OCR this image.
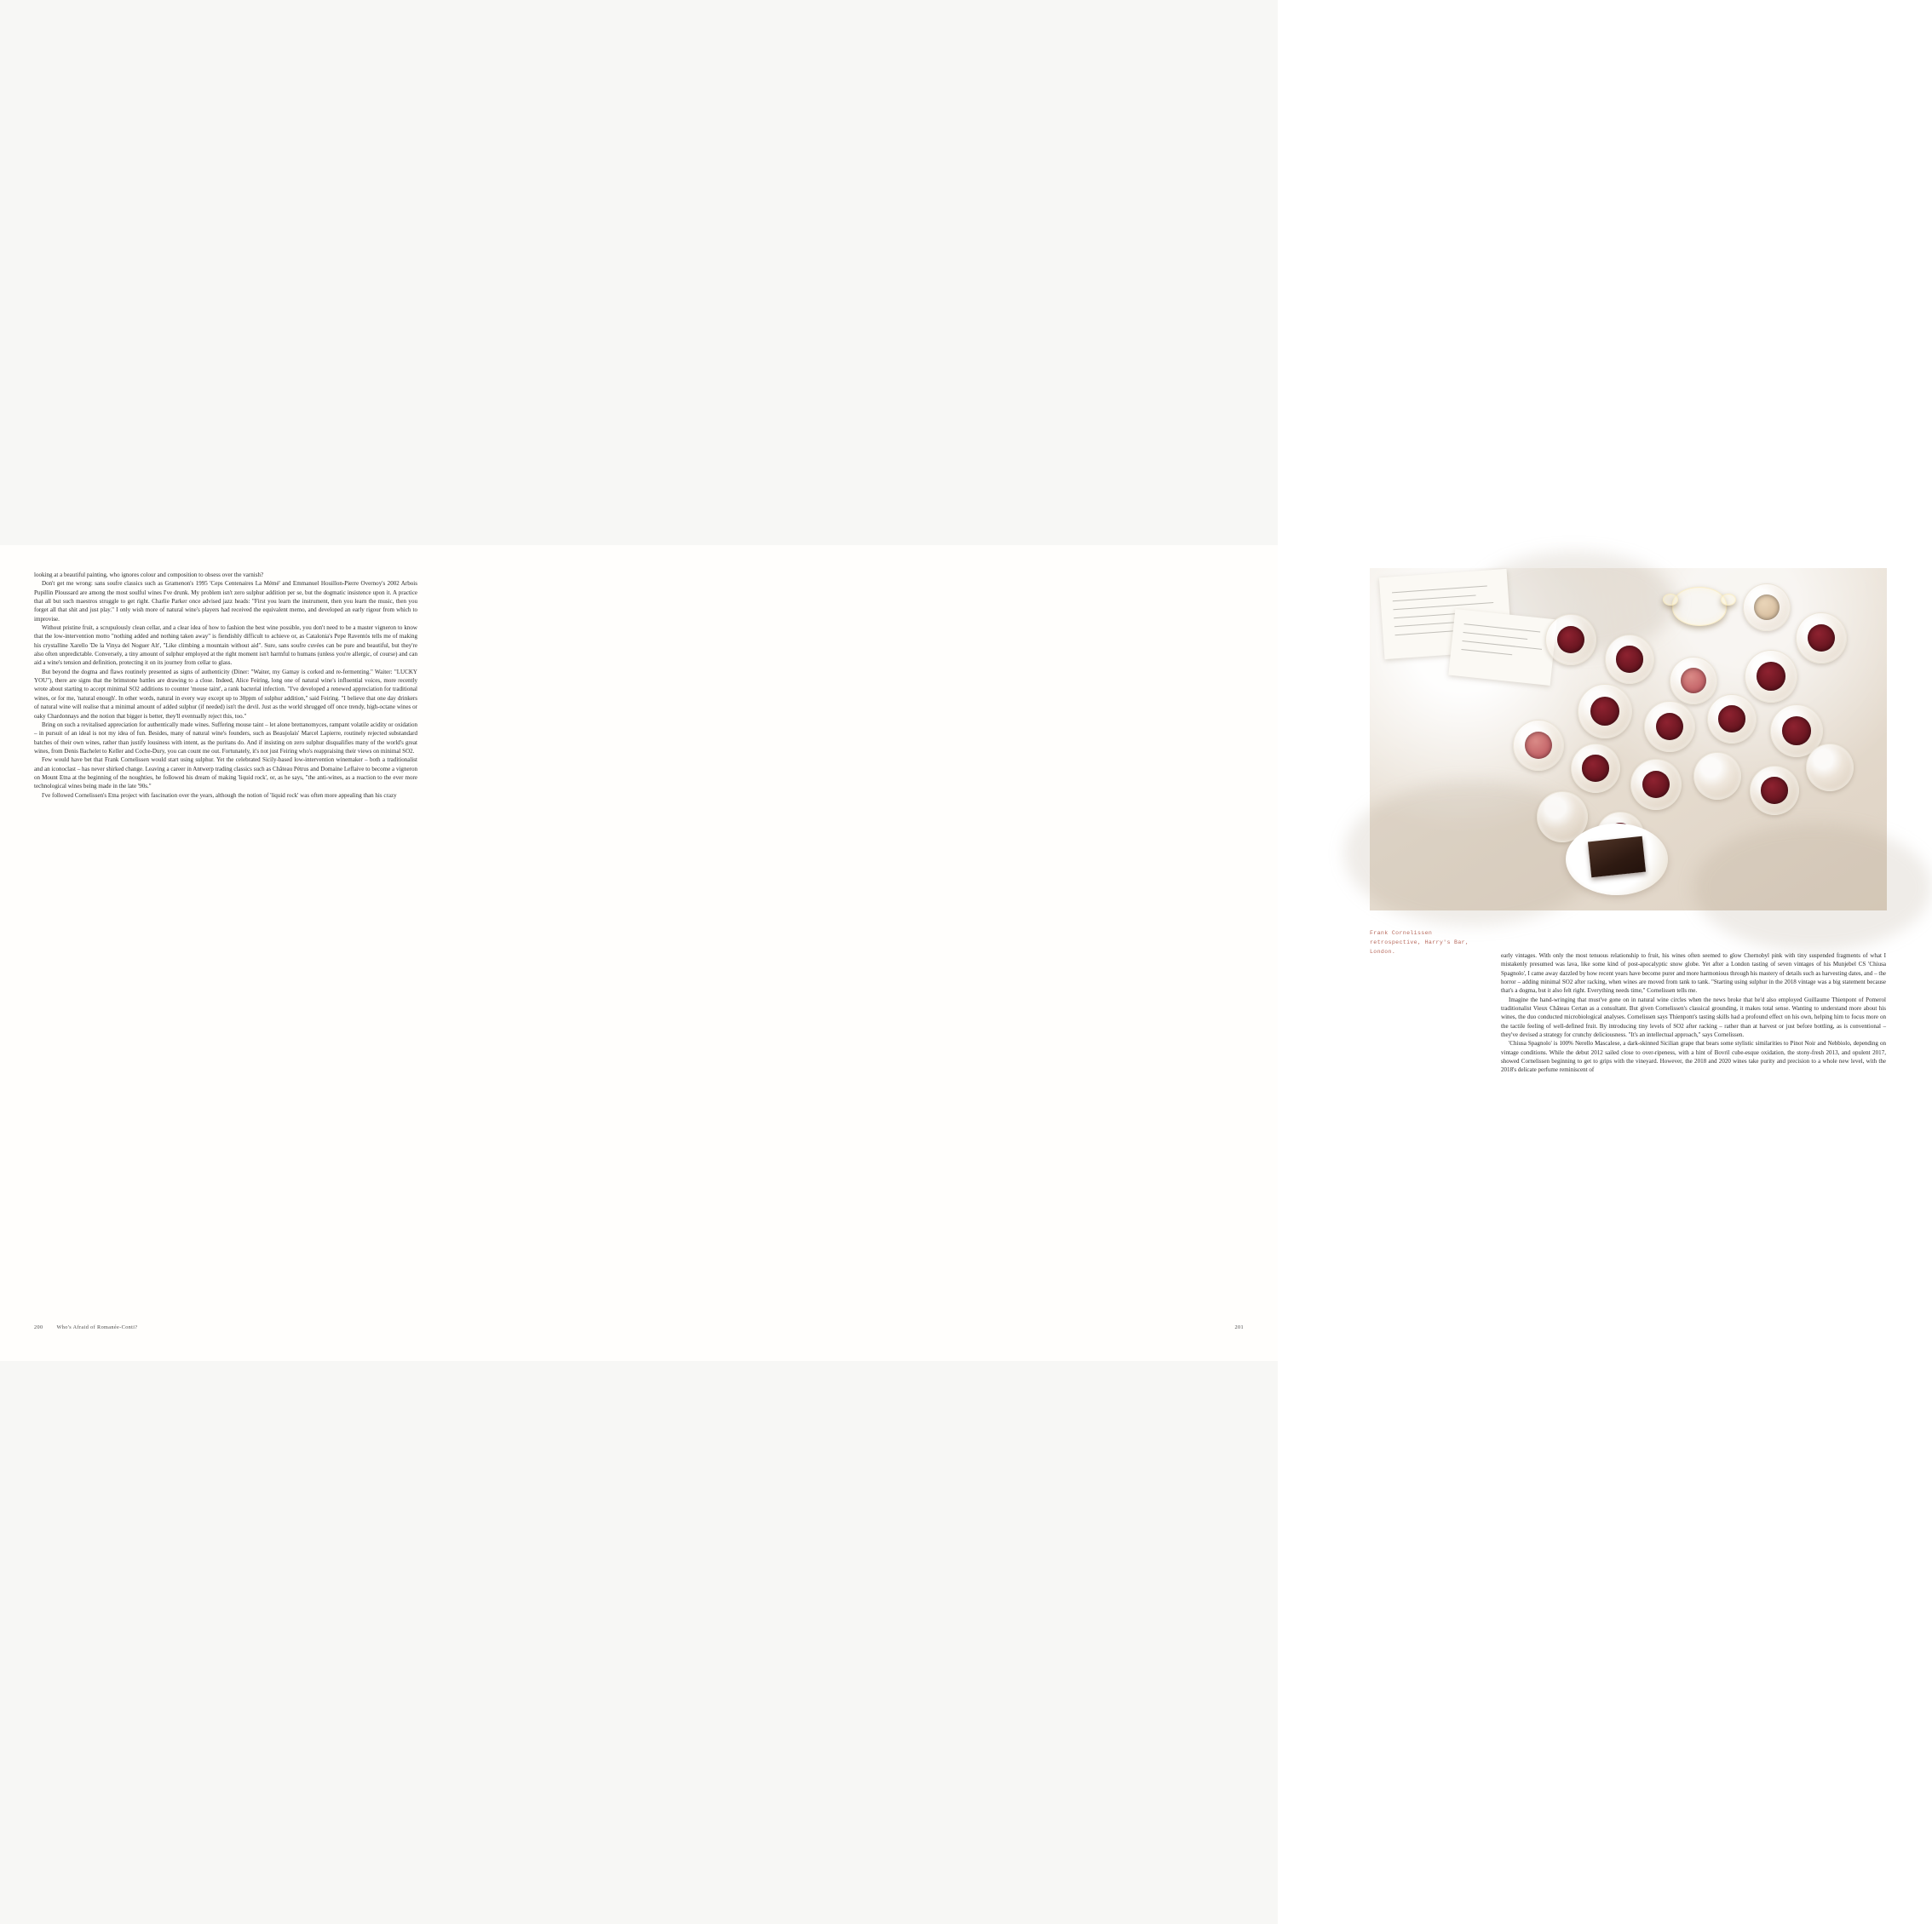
looking at a beautiful painting, who ignores colour and composition to obsess over the varnish?

Don't get me wrong: sans soufre classics such as Gramenon's 1995 'Ceps Centenaires La Mémé' and Emmanuel Houillon-Pierre Overnoy's 2002 Arbois Pupillin Ploussard are among the most soulful wines I've drunk. My problem isn't zero sulphur addition per se, but the dogmatic insistence upon it. A practice that all but such maestros struggle to get right. Charlie Parker once advised jazz heads: "First you learn the instrument, then you learn the music, then you forget all that shit and just play." I only wish more of natural wine's players had received the equivalent memo, and developed an early rigour from which to improvise.

Without pristine fruit, a scrupulously clean cellar, and a clear idea of how to fashion the best wine possible, you don't need to be a master vigneron to know that the low-intervention motto "nothing added and nothing taken away" is fiendishly difficult to achieve or, as Catalonia's Pepe Raventós tells me of making his crystalline Xarello 'De la Vinya del Noguer Alt', "Like climbing a mountain without aid". Sure, sans soufre cuvées can be pure and beautiful, but they're also often unpredictable. Conversely, a tiny amount of sulphur employed at the right moment isn't harmful to humans (unless you're allergic, of course) and can aid a wine's tension and definition, protecting it on its journey from cellar to glass.

But beyond the dogma and flaws routinely presented as signs of authenticity (Diner: "Waiter, my Gamay is corked and re-fermenting." Waiter: "LUCKY YOU"), there are signs that the brimstone battles are drawing to a close. Indeed, Alice Feiring, long one of natural wine's influential voices, more recently wrote about starting to accept minimal SO2 additions to counter 'mouse taint', a rank bacterial infection. "I've developed a renewed appreciation for traditional wines, or for me, 'natural enough'. In other words, natural in every way except up to 30ppm of sulphur addition," said Feiring. "I believe that one day drinkers of natural wine will realise that a minimal amount of added sulphur (if needed) isn't the devil. Just as the world shrugged off once trendy, high-octane wines or oaky Chardonnays and the notion that bigger is better, they'll eventually reject this, too."

Bring on such a revitalised appreciation for authentically made wines. Suffering mouse taint – let alone brettanomyces, rampant volatile acidity or oxidation – in pursuit of an ideal is not my idea of fun. Besides, many of natural wine's founders, such as Beaujolais' Marcel Lapierre, routinely rejected substandard batches of their own wines, rather than justify lousiness with intent, as the puritans do. And if insisting on zero sulphur disqualifies many of the world's great wines, from Denis Bachelet to Keller and Coche-Dury, you can count me out. Fortunately, it's not just Feiring who's reappraising their views on minimal SO2.

Few would have bet that Frank Cornelissen would start using sulphur. Yet the celebrated Sicily-based low-intervention winemaker – both a traditionalist and an iconoclast – has never shirked change. Leaving a career in Antwerp trading classics such as Château Pétrus and Domaine Leflaive to become a vigneron on Mount Etna at the beginning of the noughties, he followed his dream of making 'liquid rock', or, as he says, "the anti-wines, as a reaction to the ever more technological wines being made in the late '90s."

I've followed Cornelissen's Etna project with fascination over the years, although the notion of 'liquid rock' was often more appealing than his crazy

200	Who's Afraid of Romanée-Conti?
Frank Cornelissen retrospective, Harry's Bar, London.

early vintages. With only the most tenuous relationship to fruit, his wines often seemed to glow Chernobyl pink with tiny suspended fragments of what I mistakenly presumed was lava, like some kind of post-apocalyptic snow globe. Yet after a London tasting of seven vintages of his Munjebel CS 'Chiusa Spagnolo', I came away dazzled by how recent years have become purer and more harmonious through his mastery of details such as harvesting dates, and – the horror – adding minimal SO2 after racking, when wines are moved from tank to tank. "Starting using sulphur in the 2018 vintage was a big statement because that's a dogma, but it also felt right. Everything needs time," Cornelissen tells me.

Imagine the hand-wringing that must've gone on in natural wine circles when the news broke that he'd also employed Guillaume Thienpont of Pomerol traditionalist Vieux Château Certan as a consultant. But given Cornelissen's classical grounding, it makes total sense. Wanting to understand more about his wines, the duo conducted microbiological analyses. Cornelissen says Thienpont's tasting skills had a profound effect on his own, helping him to focus more on the tactile feeling of well-defined fruit. By introducing tiny levels of SO2 after racking – rather than at harvest or just before bottling, as is conventional – they've devised a strategy for crunchy deliciousness. "It's an intellectual approach," says Cornelissen.

'Chiusa Spagnolo' is 100% Nerello Mascalese, a dark-skinned Sicilian grape that bears some stylistic similarities to Pinot Noir and Nebbiolo, depending on vintage conditions. While the debut 2012 sailed close to over-ripeness, with a hint of Bovril cube-esque oxidation, the stony-fresh 2013, and opulent 2017, showed Cornelissen beginning to get to grips with the vineyard. However, the 2018 and 2020 wines take purity and precision to a whole new level, with the 2018's delicate perfume reminiscent of

201
